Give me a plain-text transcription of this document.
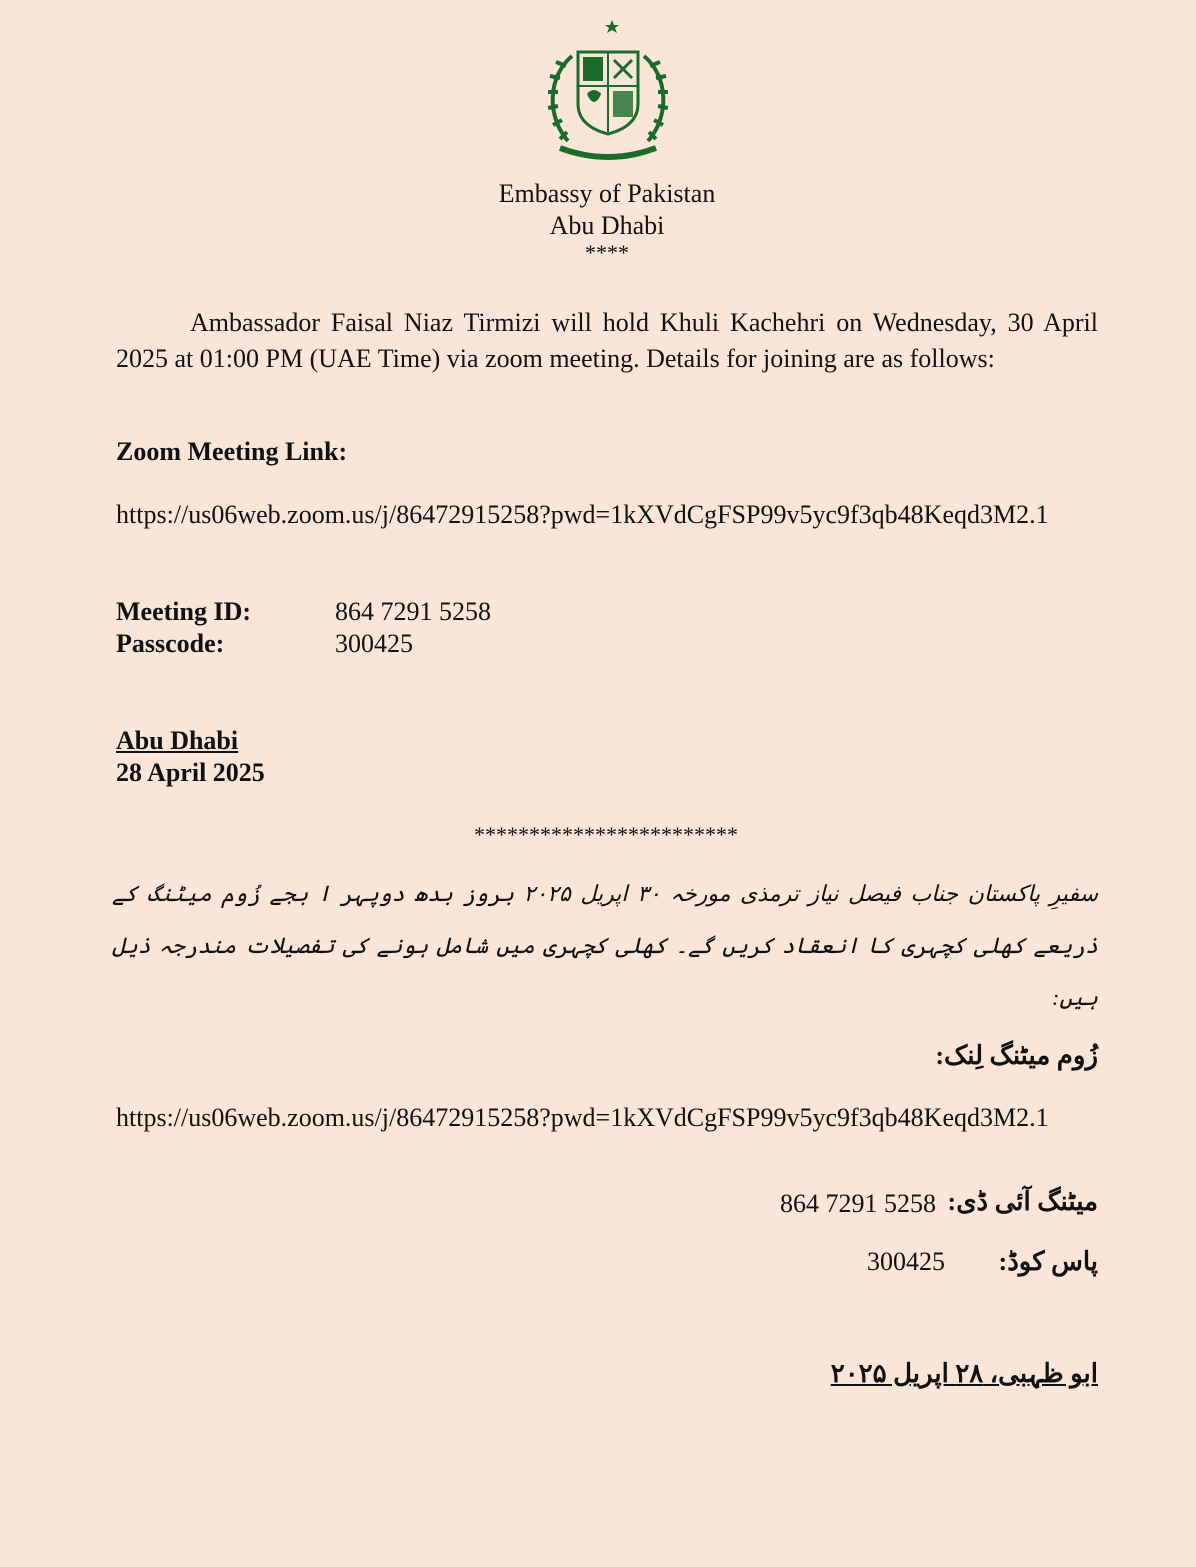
Embassy of Pakistan
Abu Dhabi
****
Ambassador Faisal Niaz Tirmizi will hold Khuli Kachehri on Wednesday, 30 April 2025 at 01:00 PM (UAE Time) via zoom meeting. Details for joining are as follows:
Zoom Meeting Link:
https://us06web.zoom.us/j/86472915258?pwd=1kXVdCgFSP99v5yc9f3qb48Keqd3M2.1
Meeting ID:	864 7291 5258
Passcode:	300425
Abu Dhabi
28 April 2025
************************
سفیرِ پاکستان جناب فیصل نیاز ترمذی مورخہ ۳۰ اپریل ۲۰۲۵ بروز بدھ دوپہر ا بجے زُوم میٹنگ کے ذریعے کھلی کچہری کا انعقاد کریں گے۔ کھلی کچہری میں شامل ہونے کی تفصیلات مندرجہ ذیل ہیں:
زُوم میٹنگ لِنک:
https://us06web.zoom.us/j/86472915258?pwd=1kXVdCgFSP99v5yc9f3qb48Keqd3M2.1
میٹنگ آئی ڈی:
864 7291 5258
پاس کوڈ:
300425
ابو ظہبی، ۲۸ اپریل ۲۰۲۵
